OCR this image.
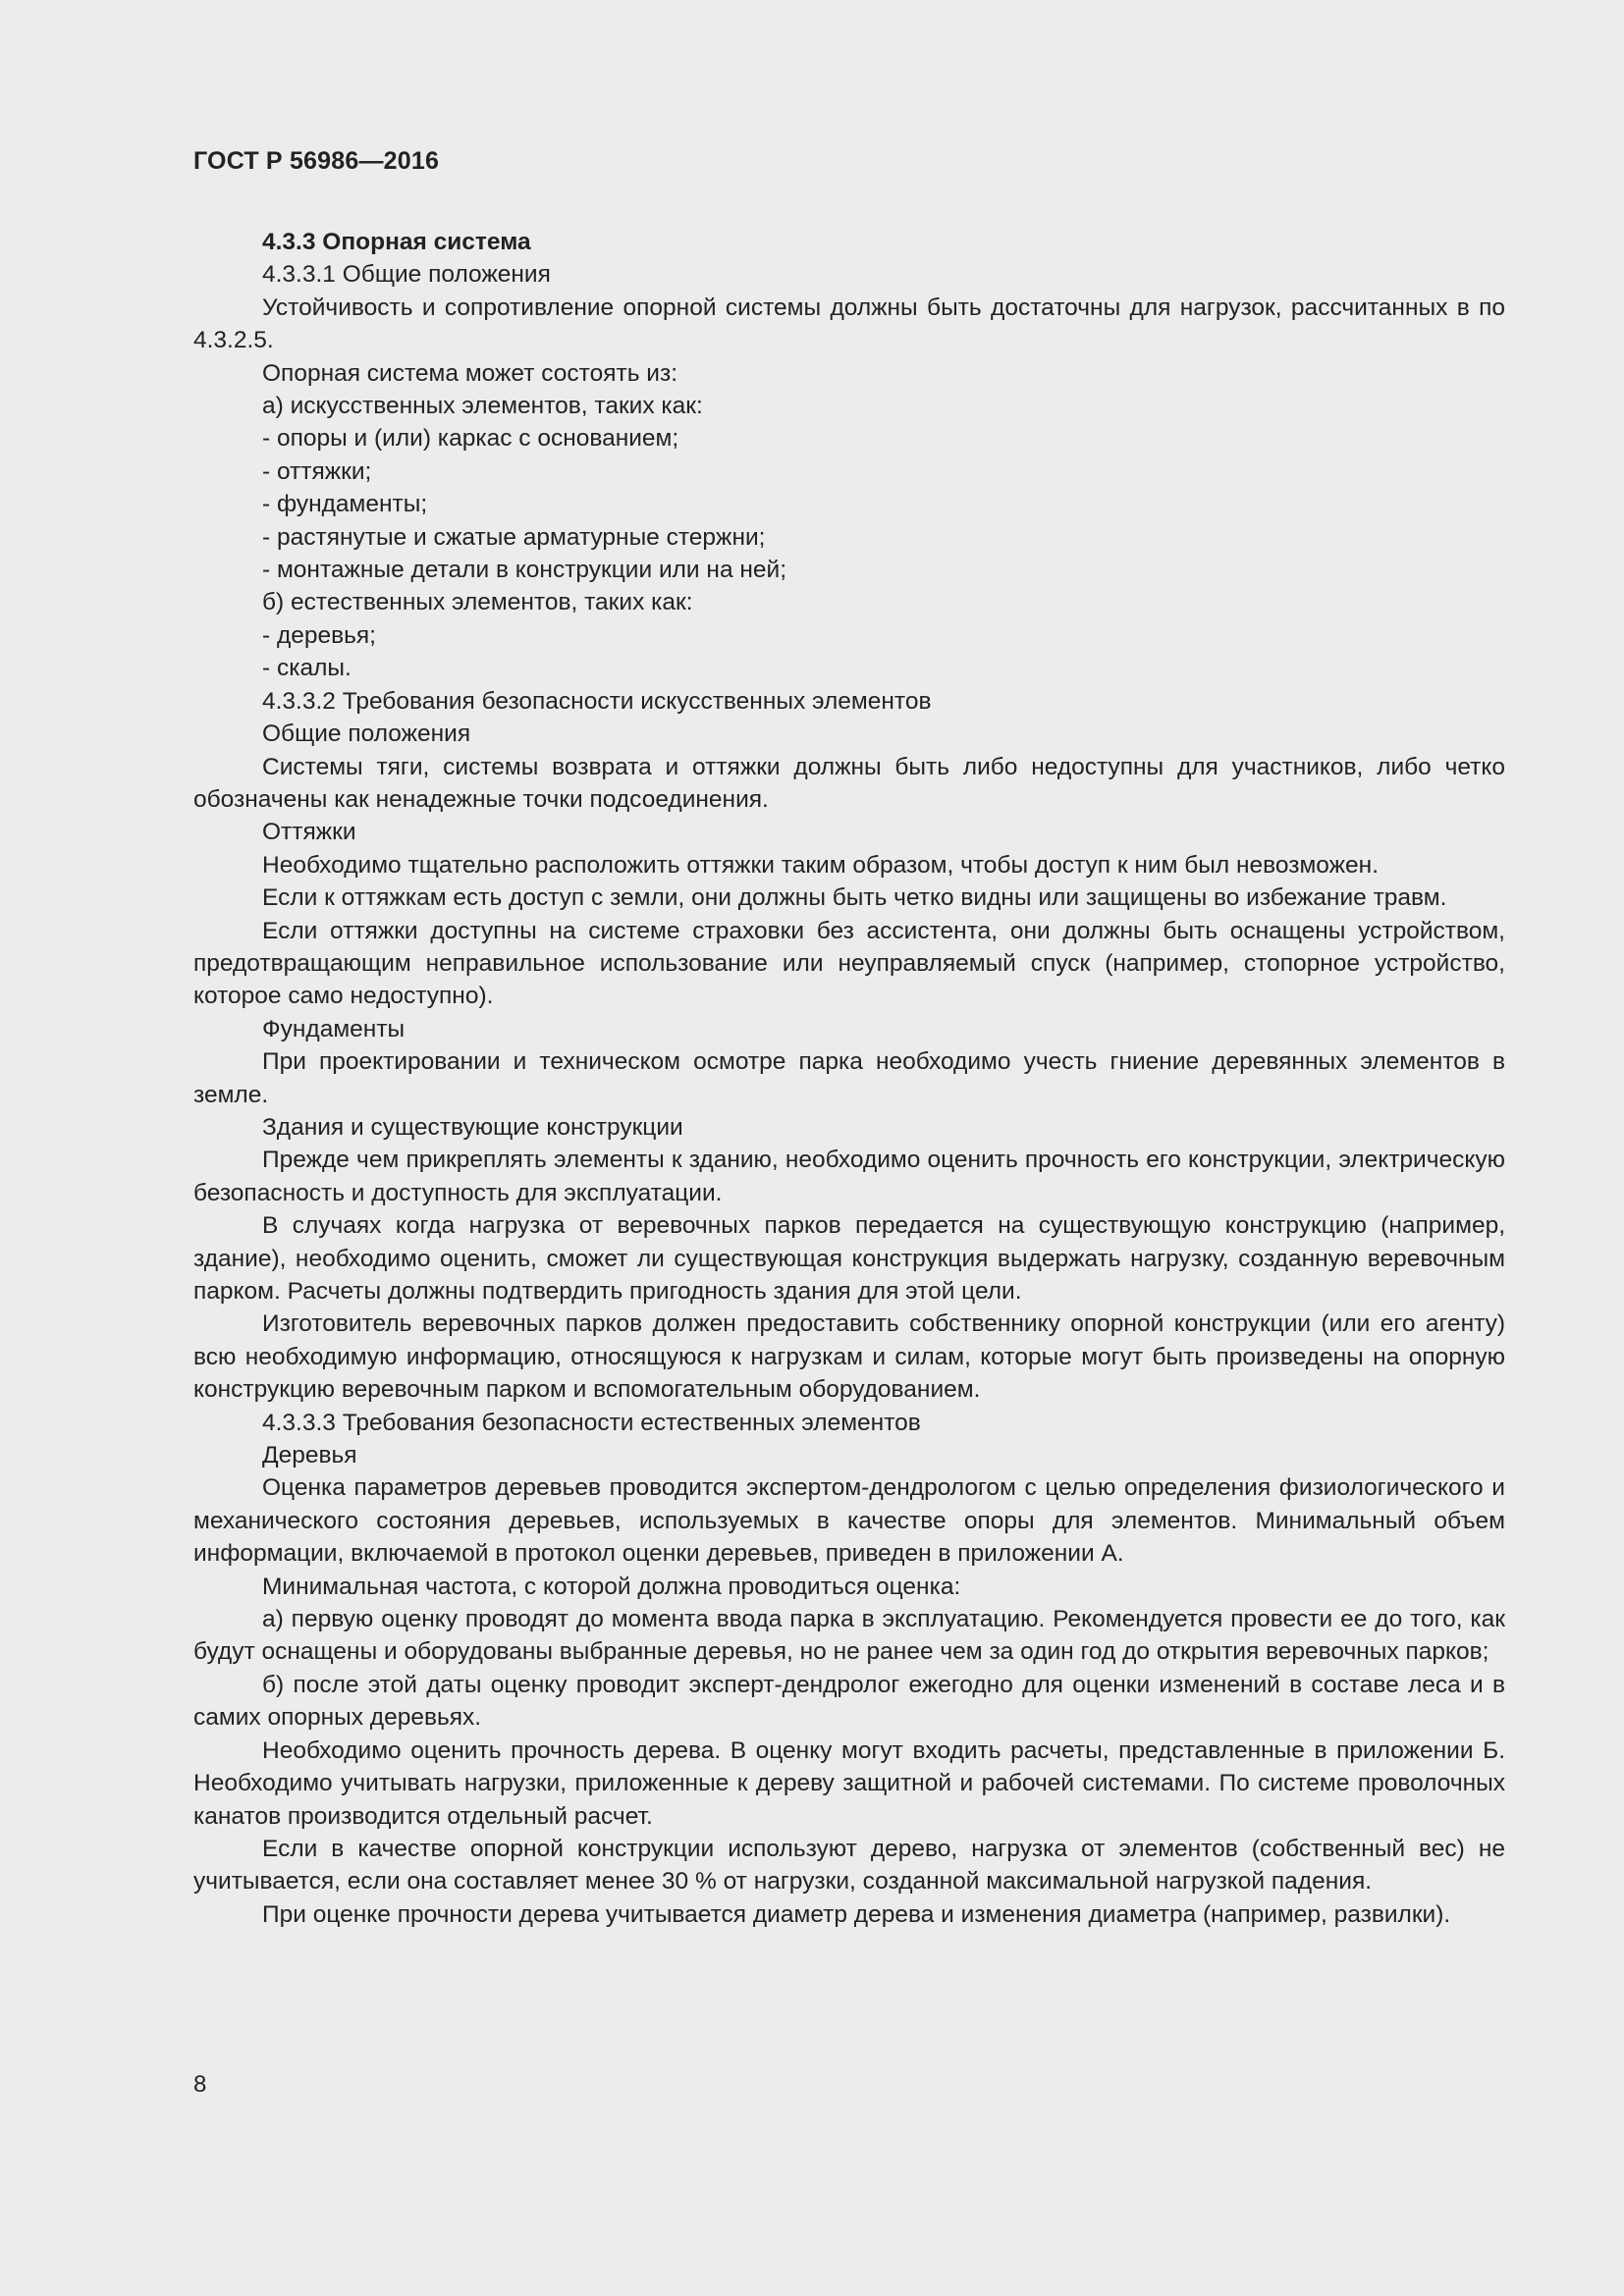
ГОСТ Р 56986—2016

4.3.3 Опорная система

4.3.3.1 Общие положения

Устойчивость и сопротивление опорной системы должны быть достаточны для нагрузок, рассчитанных в по 4.3.2.5.

Опорная система может состоять из:

а) искусственных элементов, таких как:

- опоры и (или) каркас с основанием;

- оттяжки;

- фундаменты;

- растянутые и сжатые арматурные стержни;

- монтажные детали в конструкции или на ней;

б) естественных элементов, таких как:

- деревья;

- скалы.

4.3.3.2 Требования безопасности искусственных элементов

Общие положения

Системы тяги, системы возврата и оттяжки должны быть либо недоступны для участников, либо четко обозначены как ненадежные точки подсоединения.

Оттяжки

Необходимо тщательно расположить оттяжки таким образом, чтобы доступ к ним был невозможен.

Если к оттяжкам есть доступ с земли, они должны быть четко видны или защищены во избежание травм.

Если оттяжки доступны на системе страховки без ассистента, они должны быть оснащены устройством, предотвращающим неправильное использование или неуправляемый спуск (например, стопорное устройство, которое само недоступно).

Фундаменты

При проектировании и техническом осмотре парка необходимо учесть гниение деревянных элементов в земле.

Здания и существующие конструкции

Прежде чем прикреплять элементы к зданию, необходимо оценить прочность его конструкции, электрическую безопасность и доступность для эксплуатации.

В случаях когда нагрузка от веревочных парков передается на существующую конструкцию (например, здание), необходимо оценить, сможет ли существующая конструкция выдержать нагрузку, созданную веревочным парком. Расчеты должны подтвердить пригодность здания для этой цели.

Изготовитель веревочных парков должен предоставить собственнику опорной конструкции (или его агенту) всю необходимую информацию, относящуюся к нагрузкам и силам, которые могут быть произведены на опорную конструкцию веревочным парком и вспомогательным оборудованием.

4.3.3.3 Требования безопасности естественных элементов

Деревья

Оценка параметров деревьев проводится экспертом-дендрологом с целью определения физиологического и механического состояния деревьев, используемых в качестве опоры для элементов. Минимальный объем информации, включаемой в протокол оценки деревьев, приведен в приложении А.

Минимальная частота, с которой должна проводиться оценка:

а) первую оценку проводят до момента ввода парка в эксплуатацию. Рекомендуется провести ее до того, как будут оснащены и оборудованы выбранные деревья, но не ранее чем за один год до открытия веревочных парков;

б) после этой даты оценку проводит эксперт-дендролог ежегодно для оценки изменений в составе леса и в самих опорных деревьях.

Необходимо оценить прочность дерева. В оценку могут входить расчеты, представленные в приложении Б. Необходимо учитывать нагрузки, приложенные к дереву защитной и рабочей системами. По системе проволочных канатов производится отдельный расчет.

Если в качестве опорной конструкции используют дерево, нагрузка от элементов (собственный вес) не учитывается, если она составляет менее 30 % от нагрузки, созданной максимальной нагрузкой падения.

При оценке прочности дерева учитывается диаметр дерева и изменения диаметра (например, развилки).

8
